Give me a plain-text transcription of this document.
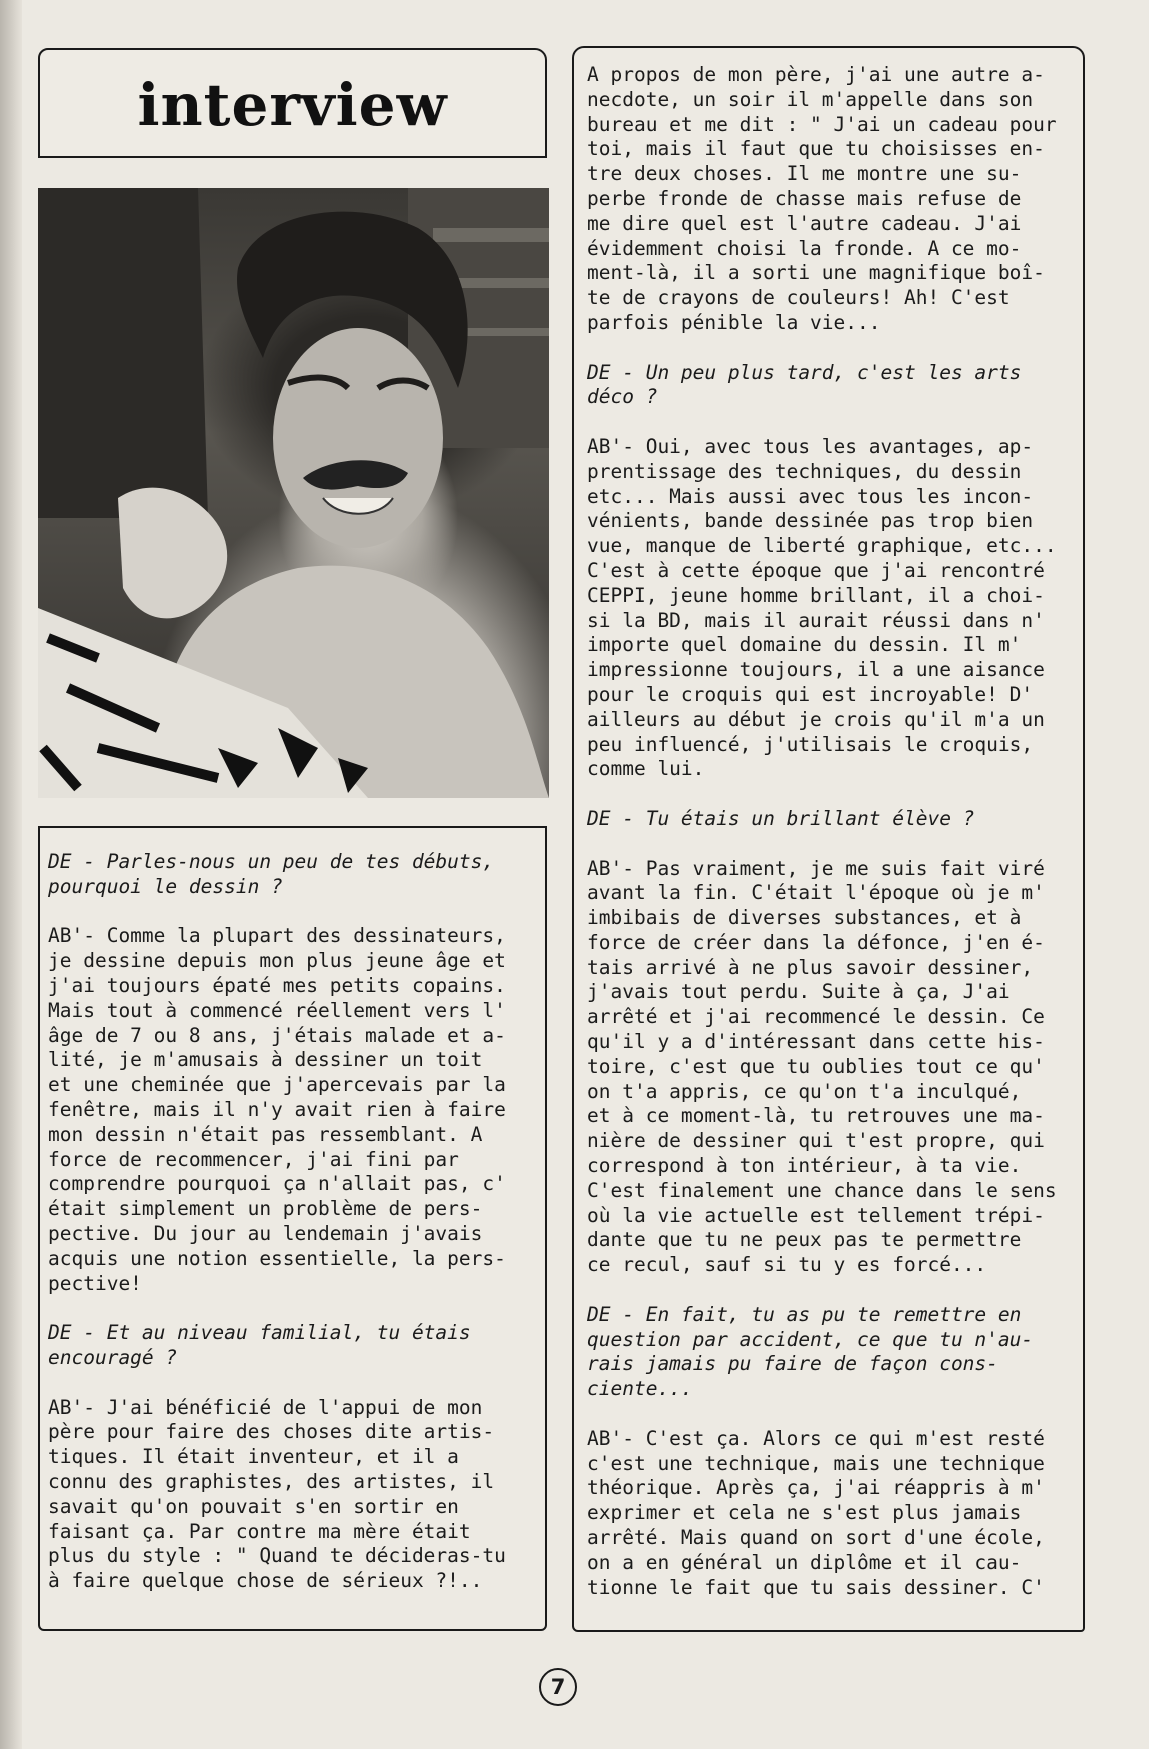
interview
DE - Parles-nous un peu de tes débuts,
pourquoi le dessin ?
AB'- Comme la plupart des dessinateurs,
je dessine depuis mon plus jeune âge et
j'ai toujours épaté mes petits copains.
Mais tout à commencé réellement vers l'
âge de 7 ou 8 ans, j'étais malade et a-
lité, je m'amusais à dessiner un toit
et une cheminée que j'apercevais par la
fenêtre, mais il n'y avait rien à faire
mon dessin n'était pas ressemblant. A
force de recommencer, j'ai fini par
comprendre pourquoi ça n'allait pas, c'
était simplement un problème de pers-
pective. Du jour au lendemain j'avais
acquis une notion essentielle, la pers-
pective!
DE - Et au niveau familial, tu étais
encouragé ?
AB'- J'ai bénéficié de l'appui de mon
père pour faire des choses dite artis-
tiques. Il était inventeur, et il a
connu des graphistes, des artistes, il
savait qu'on pouvait s'en sortir en
faisant ça. Par contre ma mère était
plus du style : " Quand te décideras-tu
à faire quelque chose de sérieux ?!..
A propos de mon père, j'ai une autre a-
necdote, un soir il m'appelle dans son
bureau et me dit : " J'ai un cadeau pour
toi, mais il faut que tu choisisses en-
tre deux choses. Il me montre une su-
perbe fronde de chasse mais refuse de
me dire quel est l'autre cadeau. J'ai
évidemment choisi la fronde. A ce mo-
ment-là, il a sorti une magnifique boî-
te de crayons de couleurs! Ah! C'est
parfois pénible la vie...
DE - Un peu plus tard, c'est les arts
déco ?
AB'- Oui, avec tous les avantages, ap-
prentissage des techniques, du dessin
etc... Mais aussi avec tous les incon-
vénients, bande dessinée pas trop bien
vue, manque de liberté graphique, etc...
C'est à cette époque que j'ai rencontré
CEPPI, jeune homme brillant, il a choi-
si la BD, mais il aurait réussi dans n'
importe quel domaine du dessin. Il m'
impressionne toujours, il a une aisance
pour le croquis qui est incroyable! D'
ailleurs au début je crois qu'il m'a un
peu influencé, j'utilisais le croquis,
comme lui.
DE - Tu étais un brillant élève ?
AB'- Pas vraiment, je me suis fait viré
avant la fin. C'était l'époque où je m'
imbibais de diverses substances, et à
force de créer dans la défonce, j'en é-
tais arrivé à ne plus savoir dessiner,
j'avais tout perdu. Suite à ça, J'ai
arrêté et j'ai recommencé le dessin. Ce
qu'il y a d'intéressant dans cette his-
toire, c'est que tu oublies tout ce qu'
on t'a appris, ce qu'on t'a inculqué,
et à ce moment-là, tu retrouves une ma-
nière de dessiner qui t'est propre, qui
correspond à ton intérieur, à ta vie.
C'est finalement une chance dans le sens
où la vie actuelle est tellement trépi-
dante que tu ne peux pas te permettre
ce recul, sauf si tu y es forcé...
DE - En fait, tu as pu te remettre en
question par accident, ce que tu n'au-
rais jamais pu faire de façon cons-
ciente...
AB'- C'est ça. Alors ce qui m'est resté
c'est une technique, mais une technique
théorique. Après ça, j'ai réappris à m'
exprimer et cela ne s'est plus jamais
arrêté. Mais quand on sort d'une école,
on a en général un diplôme et il cau-
tionne le fait que tu sais dessiner. C'
7
